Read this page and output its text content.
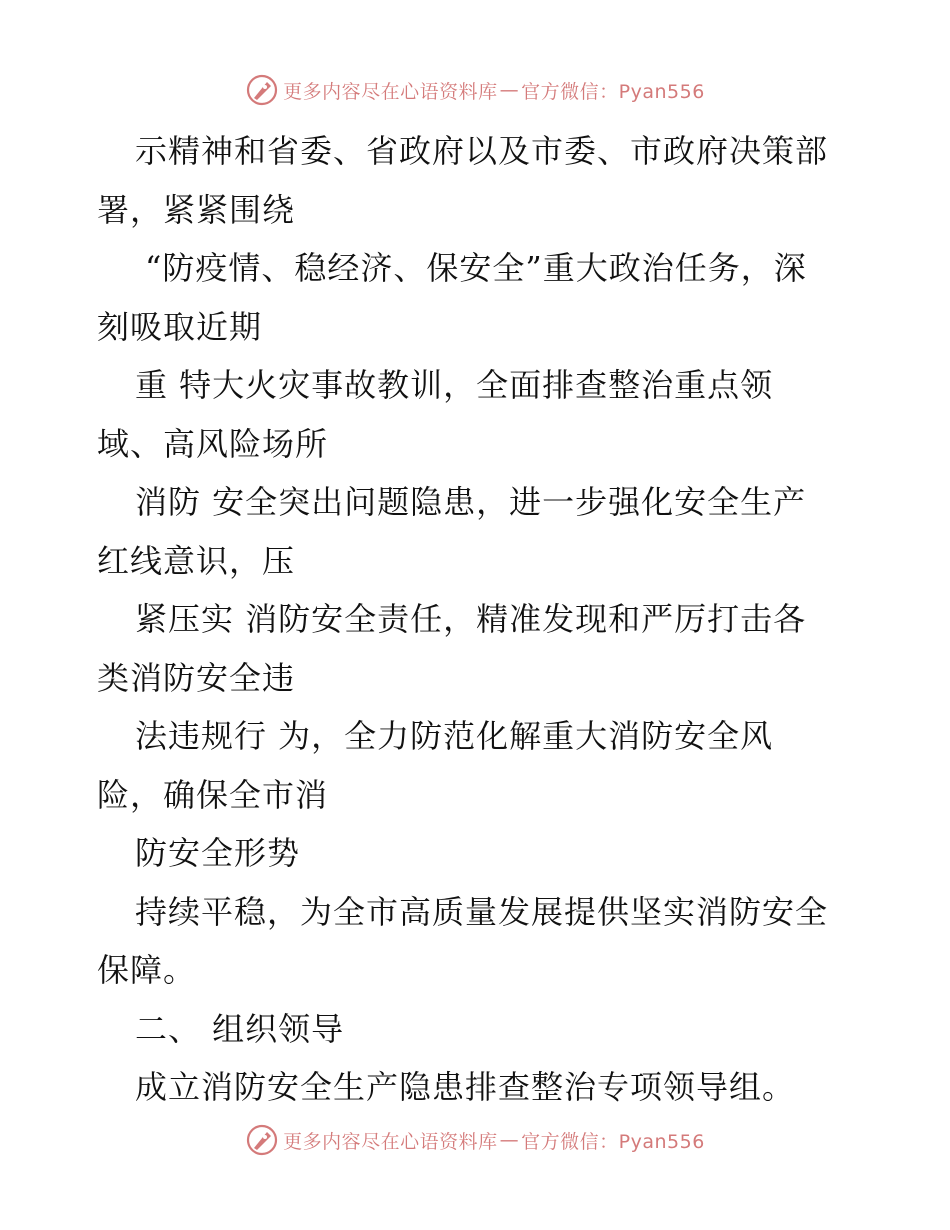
更多内容尽在心语资料库 — 官方微信：Pyan556
示精神和省委、省政府以及市委、市政府决策部
署，紧紧围绕
“防疫情、稳经济、保安全”重大政治任务，深
刻吸取近期
重 特大火灾事故教训，全面排查整治重点领
域、高风险场所
消防 安全突出问题隐患，进一步强化安全生产
红线意识，压
紧压实 消防安全责任，精准发现和严厉打击各
类消防安全违
法违规行 为，全力防范化解重大消防安全风
险，确保全市消
防安全形势
持续平稳，为全市高质量发展提供坚实消防安全
保障。
二、 组织领导
成立消防安全生产隐患排查整治专项领导组。
更多内容尽在心语资料库 — 官方微信：Pyan556
